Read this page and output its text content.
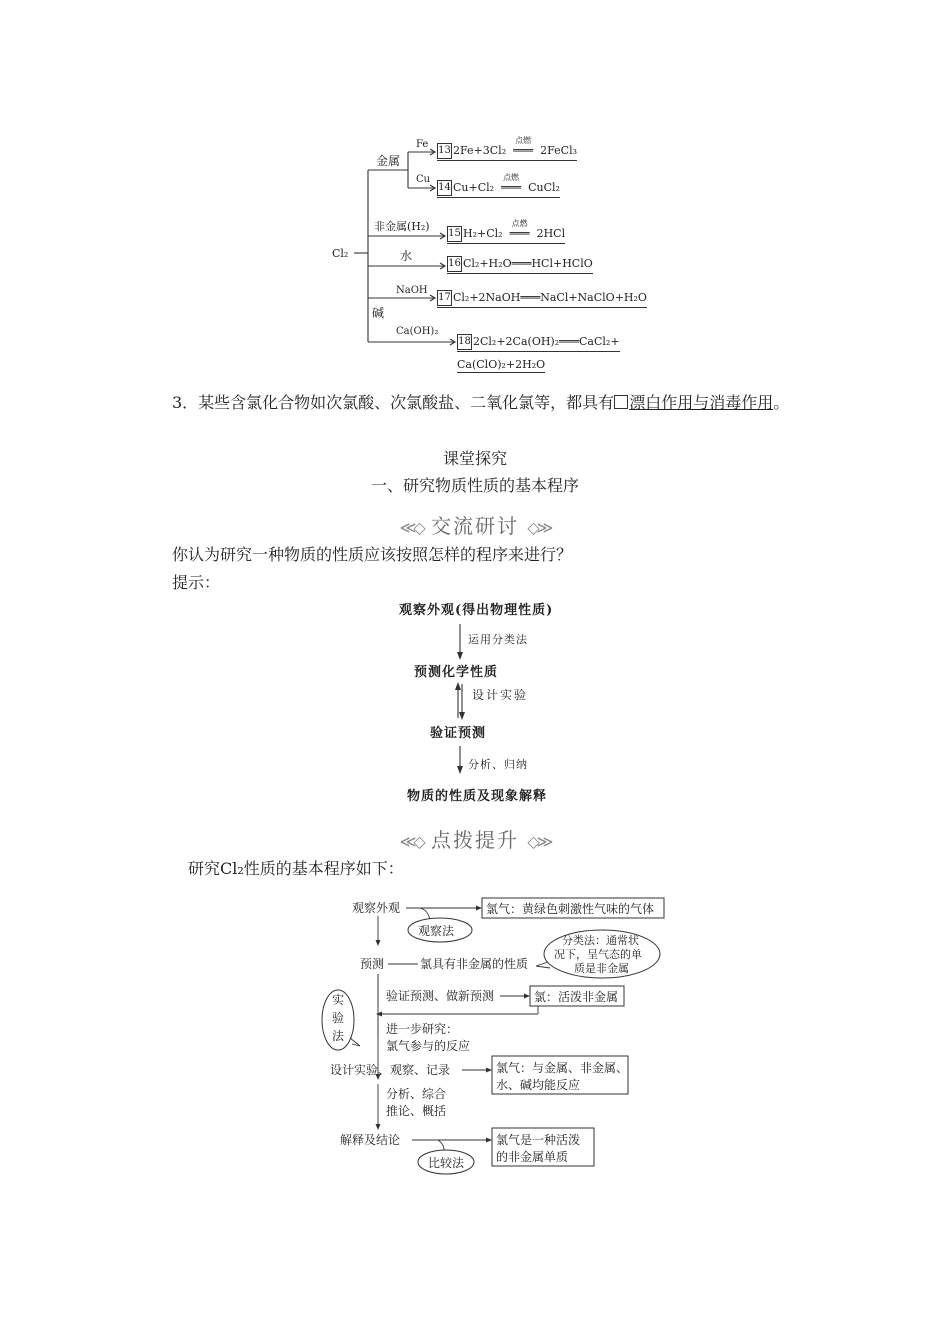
Cl₂
金属
Fe
Cu
非金属(H₂)
水
碱
NaOH
Ca(OH)₂
13 2Fe+3Cl₂
点燃
═══ 2FeCl₃
14 Cu+Cl₂
点燃
═══ CuCl₂
15 H₂+Cl₂
点燃
═══ 2HCl
16 Cl₂+H₂O═══HCl+HClO
17 Cl₂+2NaOH═══NaCl+NaClO+H₂O
18 2Cl₂+2Ca(OH)₂═══CaCl₂+
Ca(ClO)₂+2H₂O
3．某些含氯化合物如次氯酸、次氯酸盐、二氧化氯等，都具有 漂白作用与消毒作用。
课堂探究
一、研究物质性质的基本程序
≪◇ 交流研讨 ◇≫
你认为研究一种物质的性质应该按照怎样的程序来进行？
提示：
观察外观(得出物理性质)
运用分类法
预测化学性质
设计实验
验证预测
分析、归纳
物质的性质及现象解释
≪◇ 点拨提升 ◇≫
研究Cl₂性质的基本程序如下：
观察外观	氯气：黄绿色刺激性气味的气体
观察法
预测	氯具有非金属的性质
分类法：通常状
况下，呈气态的单
质是非金属
验证预测、做新预测	氯：活泼非金属
实
验
法	进一步研究：
氯气参与的反应
设计实验、观察、记录	氯气：与金属、非金属、
水、碱均能反应
分析、综合
推论、概括
解释及结论	氯气是一种活泼
的非金属单质
比较法
